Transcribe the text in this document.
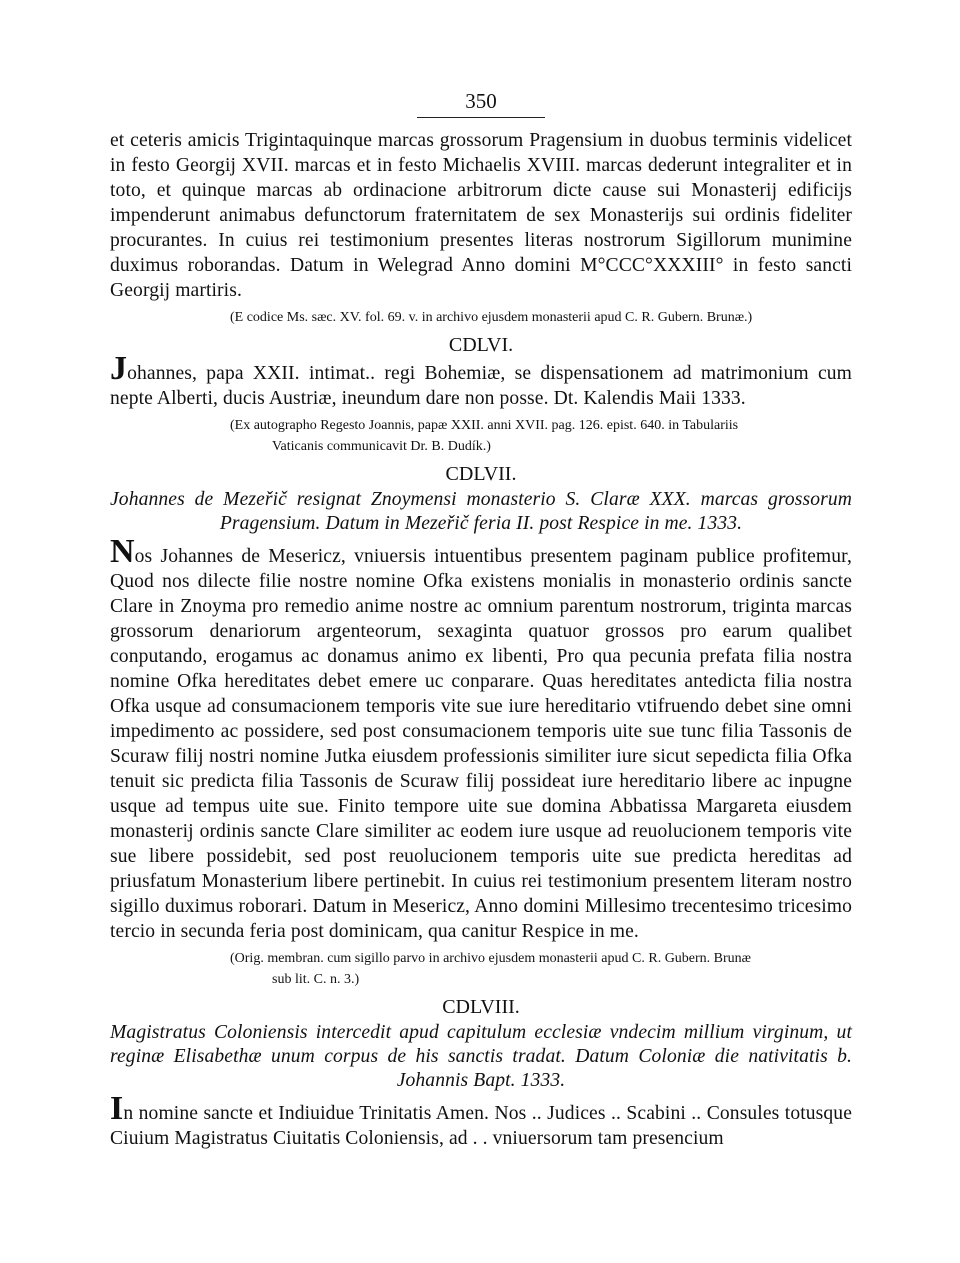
350

et ceteris amicis Trigintaquinque marcas grossorum Pragensium in duobus terminis videlicet in festo Georgij XVII. marcas et in festo Michaelis XVIII. marcas dederunt integraliter et in toto, et quinque marcas ab ordinacione arbitrorum dicte cause sui Monasterij edificijs impenderunt animabus defunctorum fraternitatem de sex Monasterijs sui ordinis fideliter procurantes. In cuius rei testimonium presentes literas nostrorum Sigillorum munimine duximus roborandas. Datum in Welegrad Anno domini M°CCC°XXXIII° in festo sancti Georgij martiris.

(E codice Ms. sæc. XV. fol. 69. v. in archivo ejusdem monasterii apud C. R. Gubern. Brunæ.)
CDLVI.

Johannes, papa XXII. intimat.. regi Bohemiæ, se dispensationem ad matrimonium cum nepte Alberti, ducis Austriæ, ineundum dare non posse. Dt. Kalendis Maii 1333.

(Ex autographo Regesto Joannis, papæ XXII. anni XVII. pag. 126. epist. 640. in Tabulariis
Vaticanis communicavit Dr. B. Dudík.)
CDLVII.

Johannes de Mezeřič resignat Znoymensi monasterio S. Claræ XXX. marcas grossorum Pragensium. Datum in Mezeřič feria II. post Respice in me. 1333.

Nos Johannes de Mesericz, vniuersis intuentibus presentem paginam publice profitemur, Quod nos dilecte filie nostre nomine Ofka existens monialis in monasterio ordinis sancte Clare in Znoyma pro remedio anime nostre ac omnium parentum nostrorum, triginta marcas grossorum denariorum argenteorum, sexaginta quatuor grossos pro earum qualibet conputando, erogamus ac donamus animo ex libenti, Pro qua pecunia prefata filia nostra nomine Ofka hereditates debet emere uc conparare. Quas hereditates antedicta filia nostra Ofka usque ad consumacionem temporis vite sue iure hereditario vtifruendo debet sine omni impedimento ac possidere, sed post consumacionem temporis uite sue tunc filia Tassonis de Scuraw filij nostri nomine Jutka eiusdem professionis similiter iure sicut sepedicta filia Ofka tenuit sic predicta filia Tassonis de Scuraw filij possideat iure hereditario libere ac inpugne usque ad tempus uite sue. Finito tempore uite sue domina Abbatissa Margareta eiusdem monasterij ordinis sancte Clare similiter ac eodem iure usque ad reuolucionem temporis vite sue libere possidebit, sed post reuolucionem temporis uite sue predicta hereditas ad priusfatum Monasterium libere pertinebit. In cuius rei testimonium presentem literam nostro sigillo duximus roborari. Datum in Mesericz, Anno domini Millesimo trecentesimo tricesimo tercio in secunda feria post dominicam, qua canitur Respice in me.

(Orig. membran. cum sigillo parvo in archivo ejusdem monasterii apud C. R. Gubern. Brunæ
sub lit. C. n. 3.)
CDLVIII.

Magistratus Coloniensis intercedit apud capitulum ecclesiæ vndecim millium virginum, ut reginæ Elisabethæ unum corpus de his sanctis tradat. Datum Coloniæ die nativitatis b. Johannis Bapt. 1333.

In nomine sancte et Indiuidue Trinitatis Amen. Nos .. Judices .. Scabini .. Consules totusque Ciuium Magistratus Ciuitatis Coloniensis, ad . . vniuersorum tam presencium
